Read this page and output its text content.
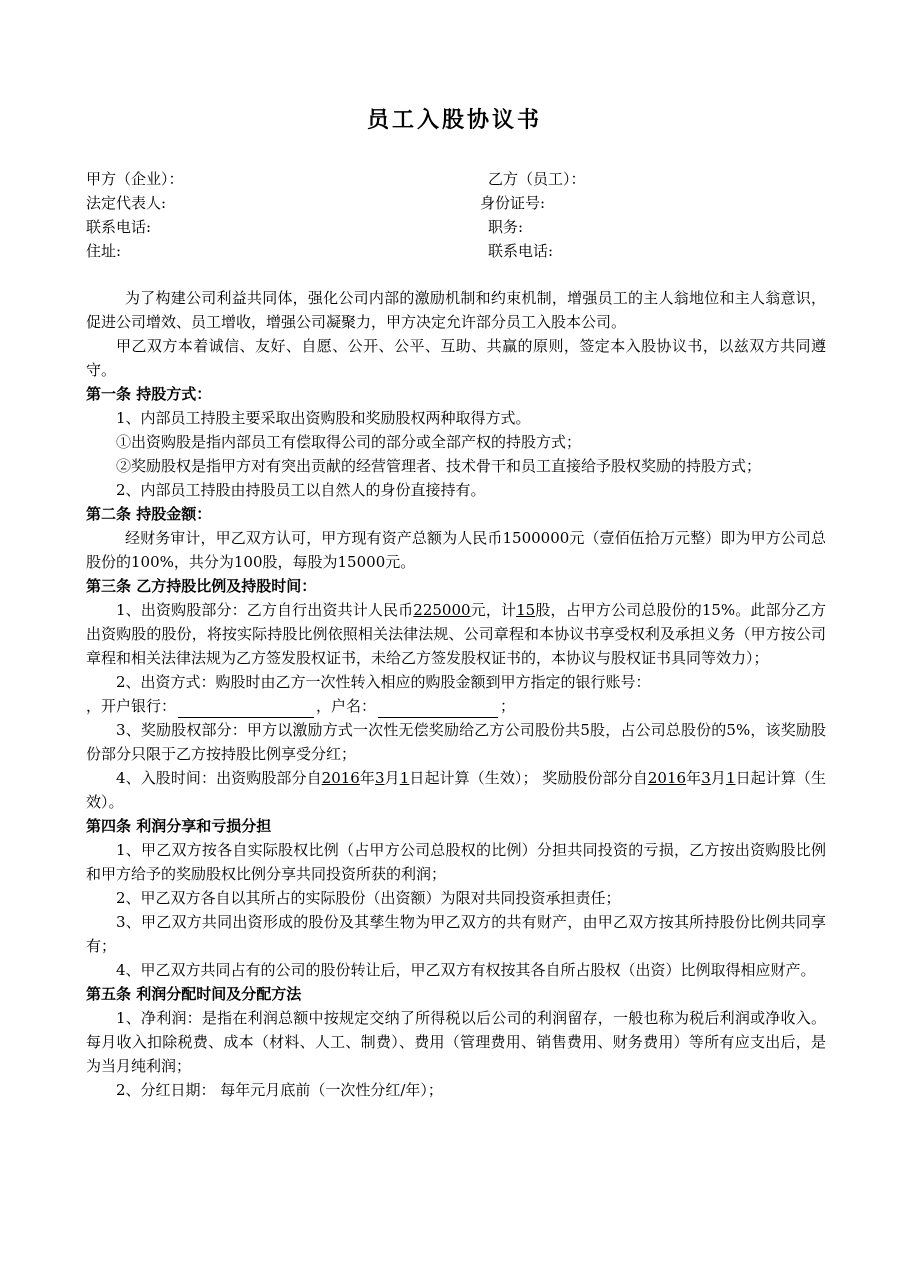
员工入股协议书
甲方（企业）：
法定代表人:
联系电话:
住址:
乙方（员工）：
身份证号:
职务:
联系电话:

为了构建公司利益共同体，强化公司内部的激励机制和约束机制，增强员工的主人翁地位和主人翁意识，促进公司增效、员工增收，增强公司凝聚力，甲方决定允许部分员工入股本公司。

甲乙双方本着诚信、友好、自愿、公开、公平、互助、共赢的原则，签定本入股协议书，以兹双方共同遵守。

第一条 持股方式：

1、内部员工持股主要采取出资购股和奖励股权两种取得方式。

①出资购股是指内部员工有偿取得公司的部分或全部产权的持股方式；

②奖励股权是指甲方对有突出贡献的经营管理者、技术骨干和员工直接给予股权奖励的持股方式；

2、内部员工持股由持股员工以自然人的身份直接持有。

第二条 持股金额：

经财务审计，甲乙双方认可，甲方现有资产总额为人民币1500000元（壹佰伍拾万元整）即为甲方公司总股份的100%，共分为100股，每股为15000元。

第三条 乙方持股比例及持股时间：

1、出资购股部分：乙方自行出资共计人民币225000元，计15股，占甲方公司总股份的15%。此部分乙方出资购股的股份，将按实际持股比例依照相关法律法规、公司章程和本协议书享受权利及承担义务（甲方按公司章程和相关法律法规为乙方签发股权证书，未给乙方签发股权证书的，本协议与股权证书具同等效力）；

2、出资方式：购股时由乙方一次性转入相应的购股金额到甲方指定的银行账号：
，开户银行：	，户名：	；

3、奖励股权部分：甲方以激励方式一次性无偿奖励给乙方公司股份共5股，占公司总股份的5%，该奖励股份部分只限于乙方按持股比例享受分红；

4、入股时间：出资购股部分自2016年3月1日起计算（生效）； 奖励股份部分自2016年3月1日起计算（生效）。

第四条 利润分享和亏损分担

1、甲乙双方按各自实际股权比例（占甲方公司总股权的比例）分担共同投资的亏损，乙方按出资购股比例和甲方给予的奖励股权比例分享共同投资所获的利润；

2、甲乙双方各自以其所占的实际股份（出资额）为限对共同投资承担责任；

3、甲乙双方共同出资形成的股份及其孳生物为甲乙双方的共有财产，由甲乙双方按其所持股份比例共同享有；

4、甲乙双方共同占有的公司的股份转让后，甲乙双方有权按其各自所占股权（出资）比例取得相应财产。

第五条 利润分配时间及分配方法

1、净利润：是指在利润总额中按规定交纳了所得税以后公司的利润留存，一般也称为税后利润或净收入。每月收入扣除税费、成本（材料、人工、制费）、费用（管理费用、销售费用、财务费用）等所有应支出后，是为当月纯利润；

2、分红日期： 每年元月底前（一次性分红/年）；
